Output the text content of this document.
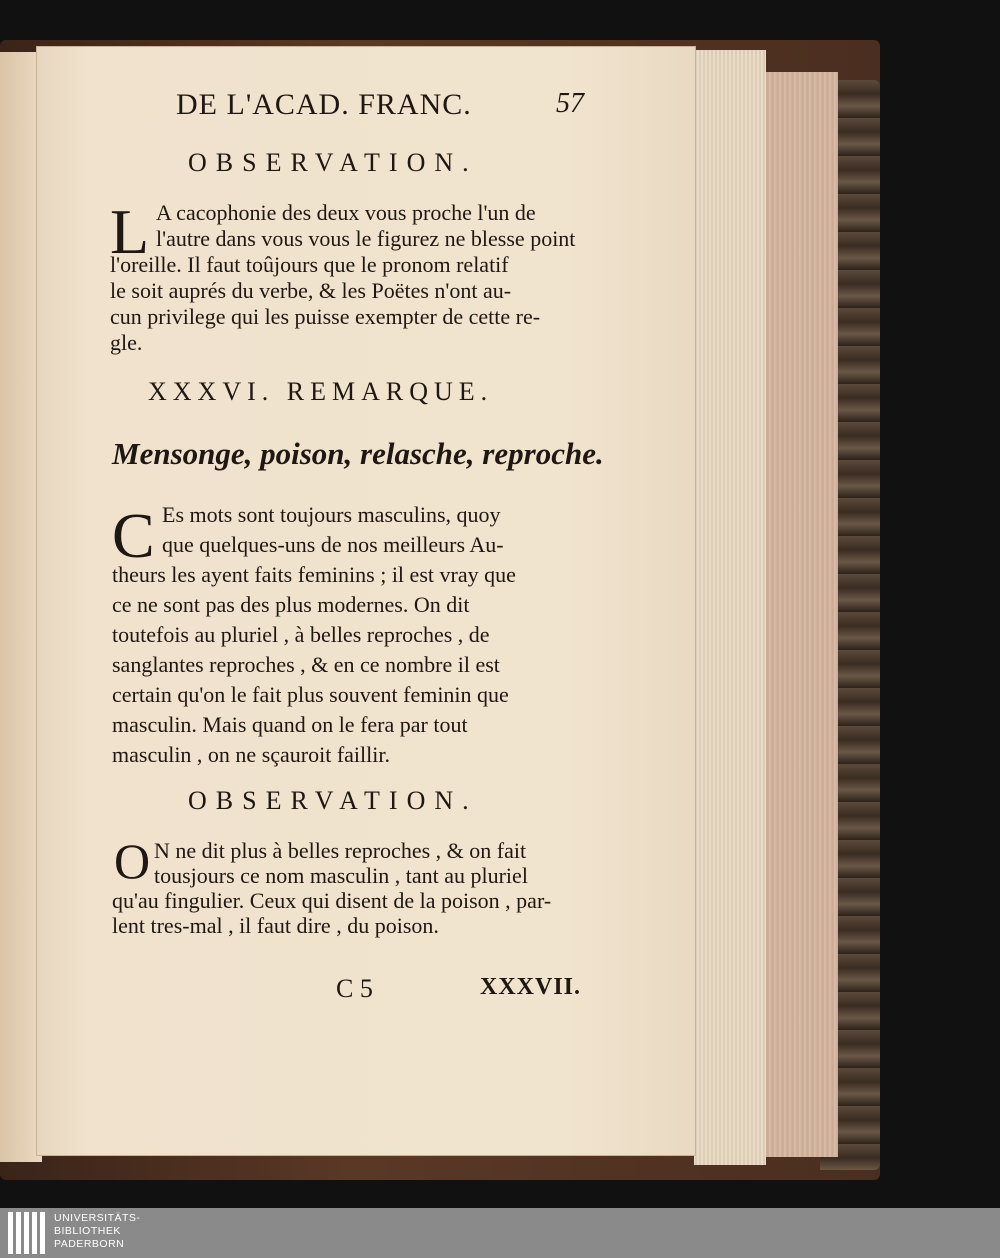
DE L'ACAD. FRANC.	57
OBSERVATION.
L A cacophonie des deux vous proche l'un de
l'autre dans vous vous le figurez ne blesse point
l'oreille. Il faut toûjours que le pronom relatif
le soit auprés du verbe, & les Poëtes n'ont au-
cun privilege qui les puisse exempter de cette re-
gle.
XXXVI. REMARQUE.
Mensonge, poison, relasche, reproche.
C Es mots sont toujours masculins, quoy
que quelques-uns de nos meilleurs Au-
theurs les ayent faits feminins ; il est vray que
ce ne sont pas des plus modernes. On dit
toutefois au pluriel , à belles reproches , de
sanglantes reproches , & en ce nombre il est
certain qu'on le fait plus souvent feminin que
masculin. Mais quand on le fera par tout
masculin , on ne sçauroit faillir.
OBSERVATION.
O N ne dit plus à belles reproches , & on fait
tousjours ce nom masculin , tant au pluriel
qu'au fingulier. Ceux qui disent de la poison , par-
lent tres-mal , il faut dire , du poison.
C 5	XXXVII.
UNIVERSITÄTS-
BIBLIOTHEK
PADERBORN
